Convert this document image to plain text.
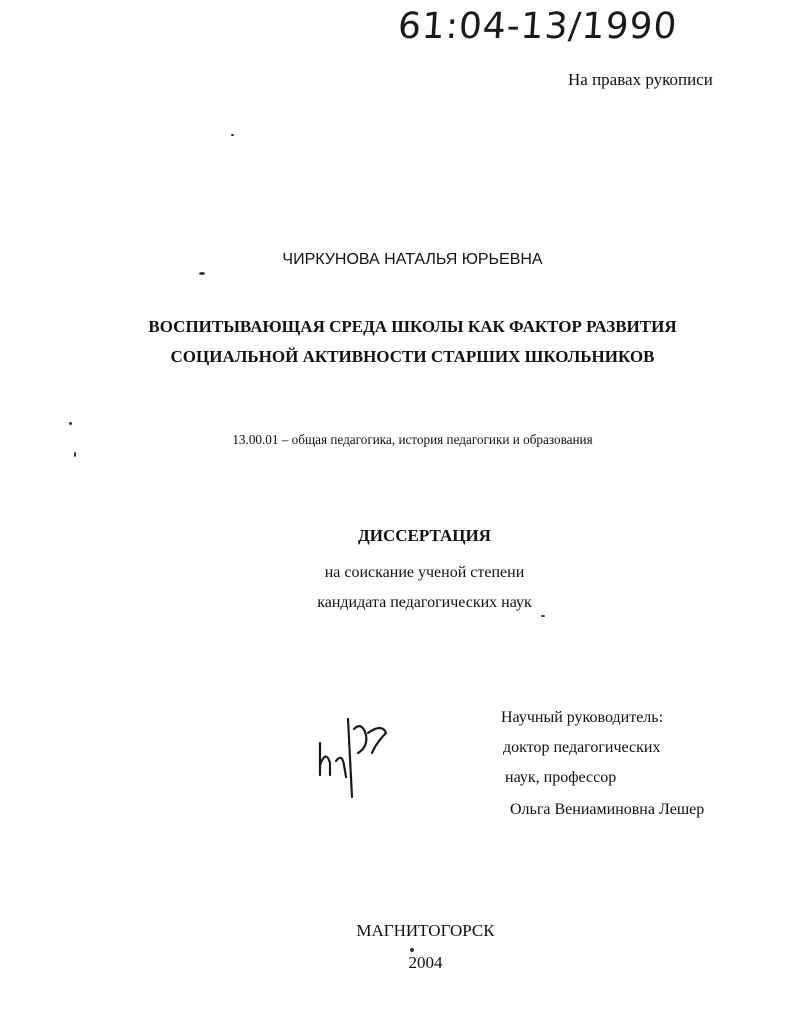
61:04-13/1990
На правах рукописи
ЧИРКУНОВА НАТАЛЬЯ ЮРЬЕВНА
ВОСПИТЫВАЮЩАЯ СРЕДА ШКОЛЫ КАК ФАКТОР РАЗВИТИЯ
СОЦИАЛЬНОЙ АКТИВНОСТИ СТАРШИХ ШКОЛЬНИКОВ
13.00.01 – общая педагогика, история педагогики и образования
ДИССЕРТАЦИЯ
на соискание ученой степени
кандидата педагогических наук
Научный руководитель:
доктор педагогических
наук, профессор
Ольга Вениаминовна Лешер
МАГНИТОГОРСК
2004
